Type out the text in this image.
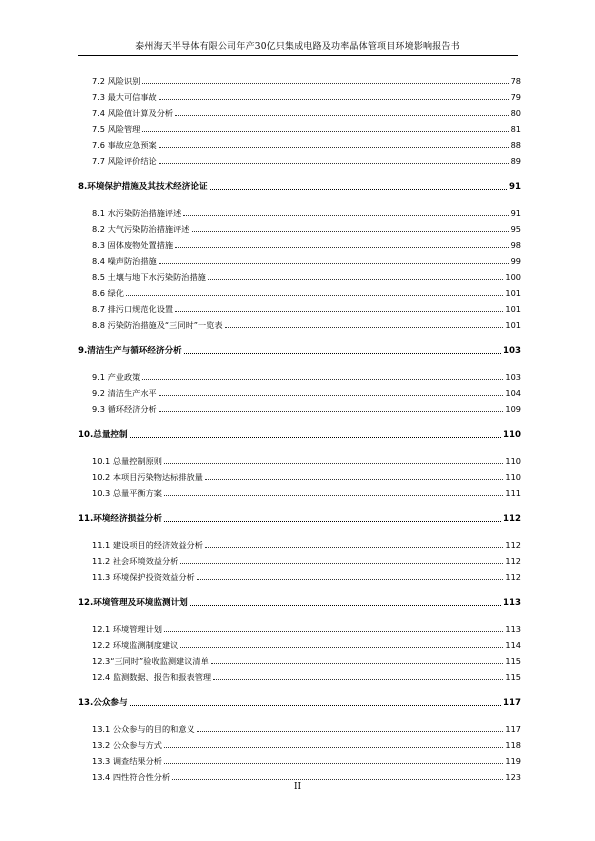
泰州海天半导体有限公司年产30亿只集成电路及功率晶体管项目环境影响报告书
7.2 风险识别	78
7.3 最大可信事故	79
7.4 风险值计算及分析	80
7.5 风险管理	81
7.6 事故应急预案	88
7.7 风险评价结论	89
8.环境保护措施及其技术经济论证	91
8.1 水污染防治措施评述	91
8.2 大气污染防治措施评述	95
8.3 固体废物处置措施	98
8.4 噪声防治措施	99
8.5 土壤与地下水污染防治措施	100
8.6 绿化	101
8.7 排污口规范化设置	101
8.8 污染防治措施及“三同时”一览表	101
9.清洁生产与循环经济分析	103
9.1 产业政策	103
9.2 清洁生产水平	104
9.3 循环经济分析	109
10.总量控制	110
10.1 总量控制原则	110
10.2 本项目污染物达标排放量	110
10.3 总量平衡方案	111
11.环境经济损益分析	112
11.1 建设项目的经济效益分析	112
11.2 社会环境效益分析	112
11.3 环境保护投资效益分析	112
12.环境管理及环境监测计划	113
12.1 环境管理计划	113
12.2 环境监测制度建议	114
12.3“三同时”验收监测建议清单	115
12.4 监测数据、报告和报表管理	115
13.公众参与	117
13.1 公众参与的目的和意义	117
13.2 公众参与方式	118
13.3 调查结果分析	119
13.4 四性符合性分析	123
II
